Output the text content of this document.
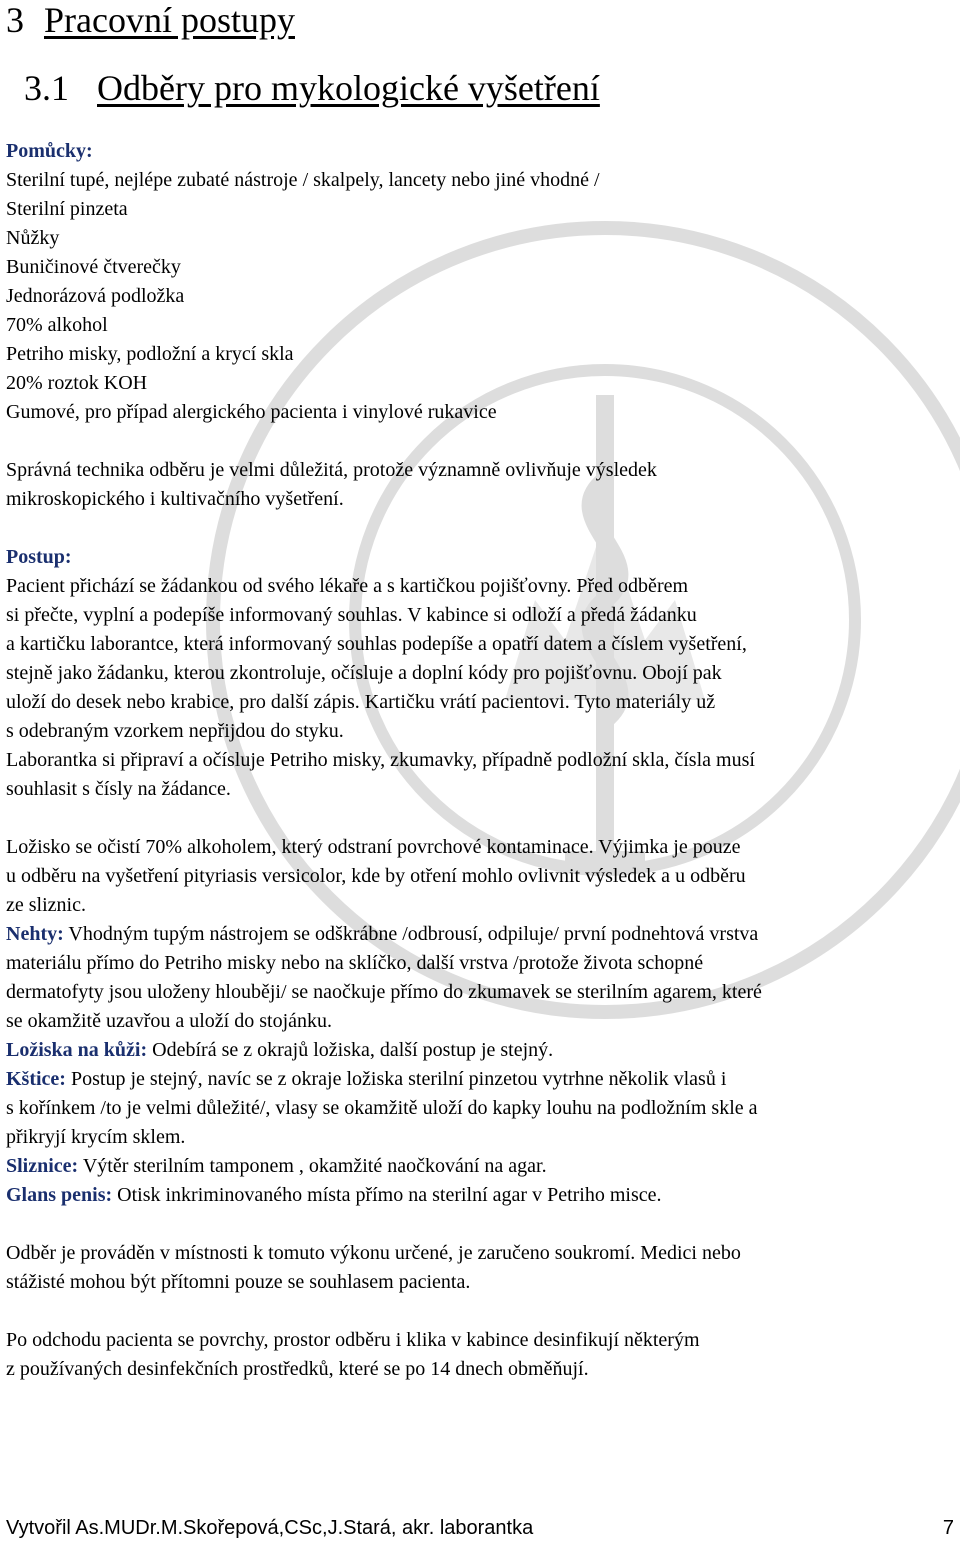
3 Pracovní postupy
3.1 Odběry pro mykologické vyšetření

Pomůcky:

Sterilní tupé, nejlépe zubaté nástroje / skalpely, lancety nebo jiné vhodné /

Sterilní pinzeta

Nůžky

Buničinové čtverečky

Jednorázová podložka

70% alkohol

Petriho misky, podložní a krycí skla

20% roztok KOH

Gumové, pro případ alergického pacienta i vinylové rukavice

Správná technika odběru je velmi důležitá, protože významně ovlivňuje výsledek

mikroskopického i kultivačního vyšetření.

Postup:

Pacient přichází se žádankou od svého lékaře a s kartičkou pojišťovny. Před odběrem

si přečte, vyplní a podepíše informovaný souhlas. V kabince si odloží a předá žádanku

a kartičku laborantce, která informovaný souhlas podepíše a opatří datem a číslem vyšetření,

stejně jako žádanku, kterou zkontroluje, očísluje a doplní kódy pro pojišťovnu. Obojí pak

uloží do desek nebo krabice, pro další zápis. Kartičku vrátí pacientovi. Tyto materiály už

s odebraným vzorkem nepřijdou do styku.

Laborantka si připraví a očísluje Petriho misky, zkumavky, případně podložní skla, čísla musí

souhlasit s čísly na žádance.

Ložisko se očistí 70% alkoholem, který odstraní povrchové kontaminace. Výjimka je pouze

u odběru na vyšetření pityriasis versicolor, kde by otření mohlo ovlivnit výsledek a u odběru

ze sliznic.

Nehty: Vhodným tupým nástrojem se odškrábne /odbrousí, odpiluje/ první podnehtová vrstva

materiálu přímo do Petriho misky nebo na sklíčko, další vrstva /protože života schopné

dermatofyty jsou uloženy hlouběji/ se naočkuje přímo do zkumavek se sterilním agarem, které

se okamžitě uzavřou a uloží do stojánku.

Ložiska na kůži: Odebírá se z okrajů ložiska, další postup je stejný.

Kštice: Postup je stejný, navíc se z okraje ložiska sterilní pinzetou vytrhne několik vlasů i

s kořínkem /to je velmi důležité/, vlasy se okamžitě uloží do kapky louhu na podložním skle a

přikryjí krycím sklem.

Sliznice: Výtěr sterilním tamponem , okamžité naočkování na agar.

Glans penis: Otisk inkriminovaného místa přímo na sterilní agar v Petriho misce.

Odběr je prováděn v místnosti k tomuto výkonu určené, je zaručeno soukromí. Medici nebo

stážisté mohou být přítomni pouze se souhlasem pacienta.

Po odchodu pacienta se povrchy, prostor odběru i klika v kabince desinfikují některým

z používaných desinfekčních prostředků, které se po 14 dnech obměňují.

Vytvořil As.MUDr.M.Skořepová,CSc,J.Stará, akr. laborantka	7
